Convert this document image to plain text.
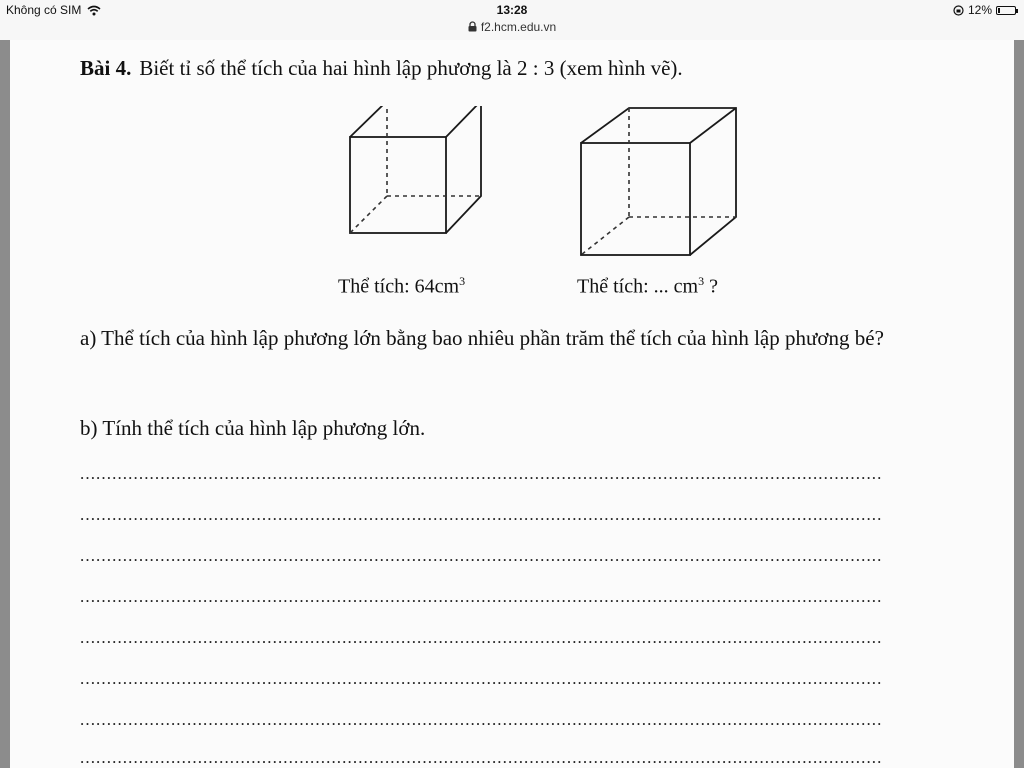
Không có SIM	13:28
f2.hcm.edu.vn
12%
Bài 4. Biết tỉ số thể tích của hai hình lập phương là 2 : 3 (xem hình vẽ).
Thể tích: $64cm^3$	Thể tích: ... $cm^3$ ?
a) Thể tích của hình lập phương lớn bằng bao nhiêu phần trăm thể tích của hình lập phương bé?
b) Tính thể tích của hình lập phương lớn.
......................................................................................................................................................
......................................................................................................................................................
......................................................................................................................................................
......................................................................................................................................................
......................................................................................................................................................
......................................................................................................................................................
......................................................................................................................................................
......................................................................................................................................................
